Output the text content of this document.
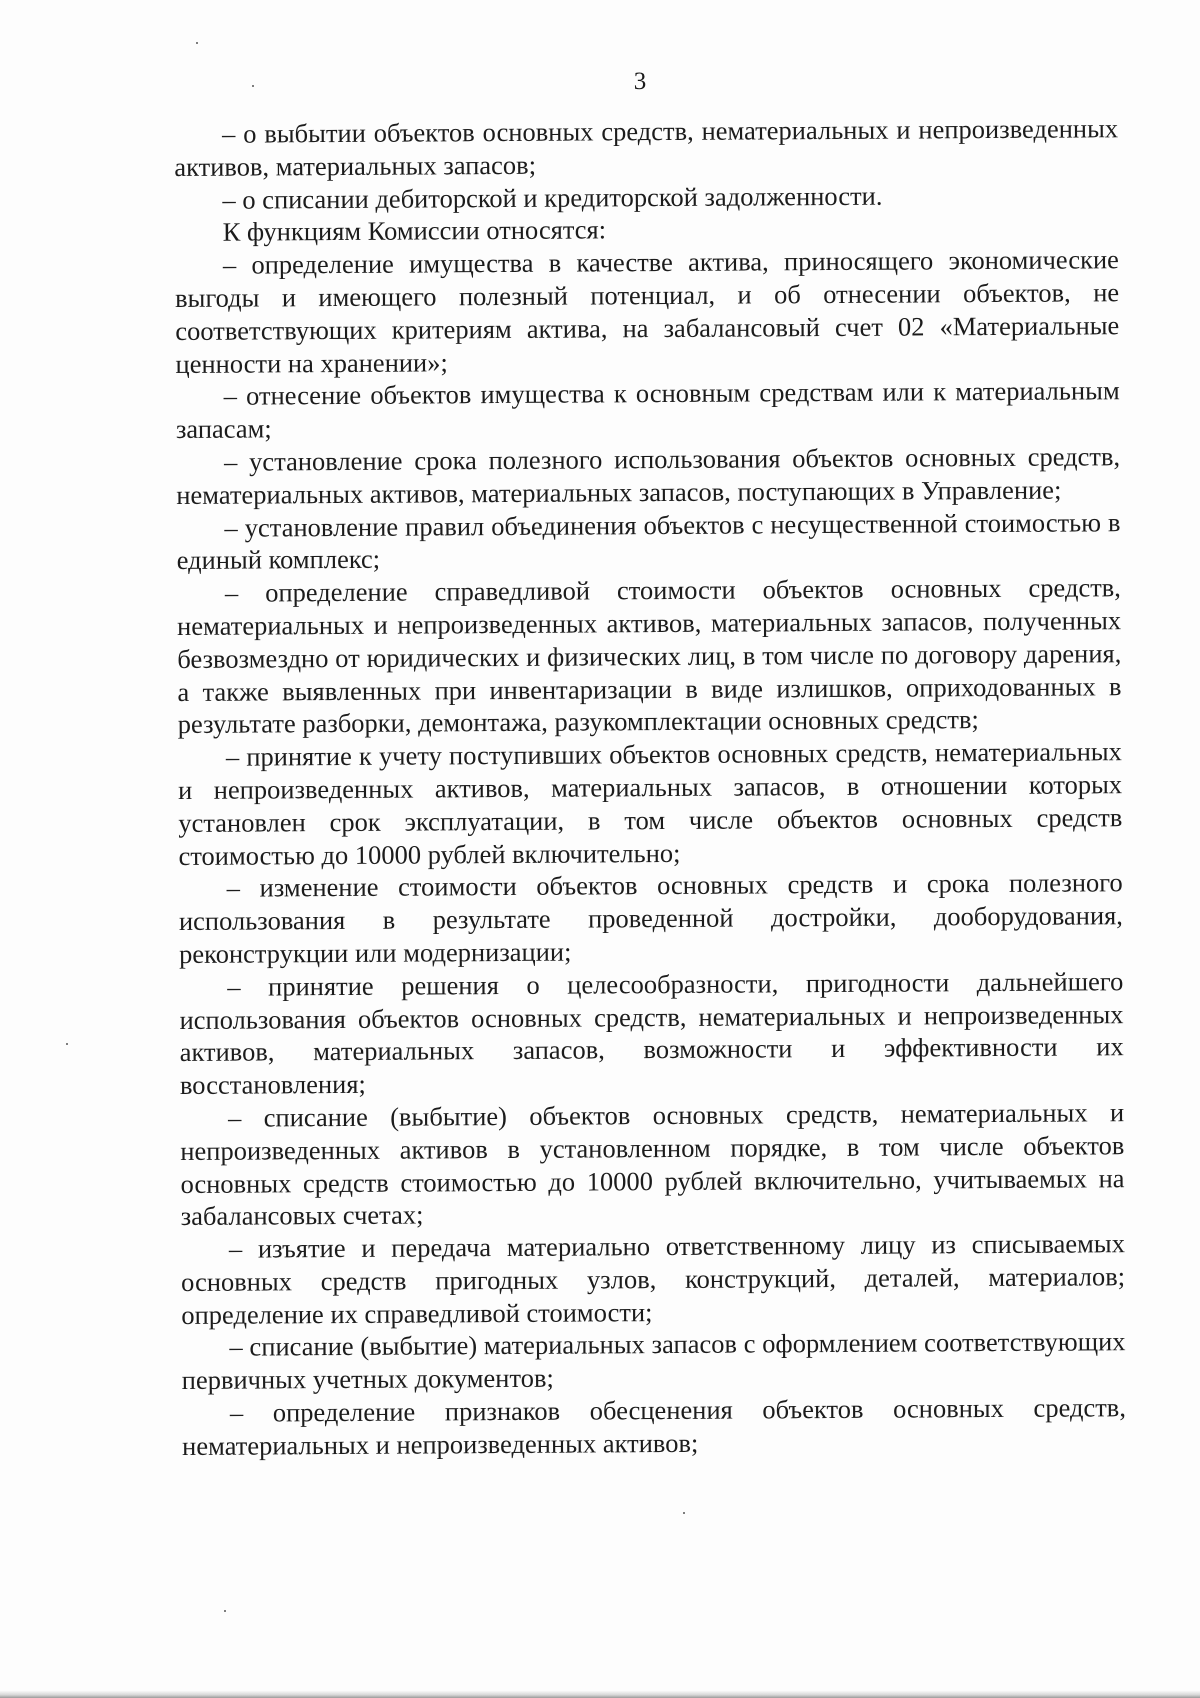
3

– о выбытии объектов основных средств, нематериальных и непроизведенных активов, материальных запасов;

– о списании дебиторской и кредиторской задолженности.

К функциям Комиссии относятся:

– определение имущества в качестве актива, приносящего экономические выгоды и имеющего полезный потенциал, и об отнесении объектов, не соответствующих критериям актива, на забалансовый счет 02 «Материальные ценности на хранении»;

– отнесение объектов имущества к основным средствам или к материальным запасам;

– установление срока полезного использования объектов основных средств, нематериальных активов, материальных запасов, поступающих в Управление;

– установление правил объединения объектов с несущественной стоимостью в единый комплекс;

– определение справедливой стоимости объектов основных средств, нематериальных и непроизведенных активов, материальных запасов, полученных безвозмездно от юридических и физических лиц, в том числе по договору дарения, а также выявленных при инвентаризации в виде излишков, оприходованных в результате разборки, демонтажа, разукомплектации основных средств;

– принятие к учету поступивших объектов основных средств, нематериальных и непроизведенных активов, материальных запасов, в отношении которых установлен срок эксплуатации, в том числе объектов основных средств стоимостью до 10000 рублей включительно;

– изменение стоимости объектов основных средств и срока полезного использования в результате проведенной достройки, дооборудования, реконструкции или модернизации;

– принятие решения о целесообразности, пригодности дальнейшего использования объектов основных средств, нематериальных и непроизведенных активов, материальных запасов, возможности и эффективности их восстановления;

– списание (выбытие) объектов основных средств, нематериальных и непроизведенных активов в установленном порядке, в том числе объектов основных средств стоимостью до 10000 рублей включительно, учитываемых на забалансовых счетах;

– изъятие и передача материально ответственному лицу из списываемых основных средств пригодных узлов, конструкций, деталей, материалов; определение их справедливой стоимости;

– списание (выбытие) материальных запасов с оформлением соответствующих первичных учетных документов;

– определение признаков обесценения объектов основных средств, нематериальных и непроизведенных активов;
